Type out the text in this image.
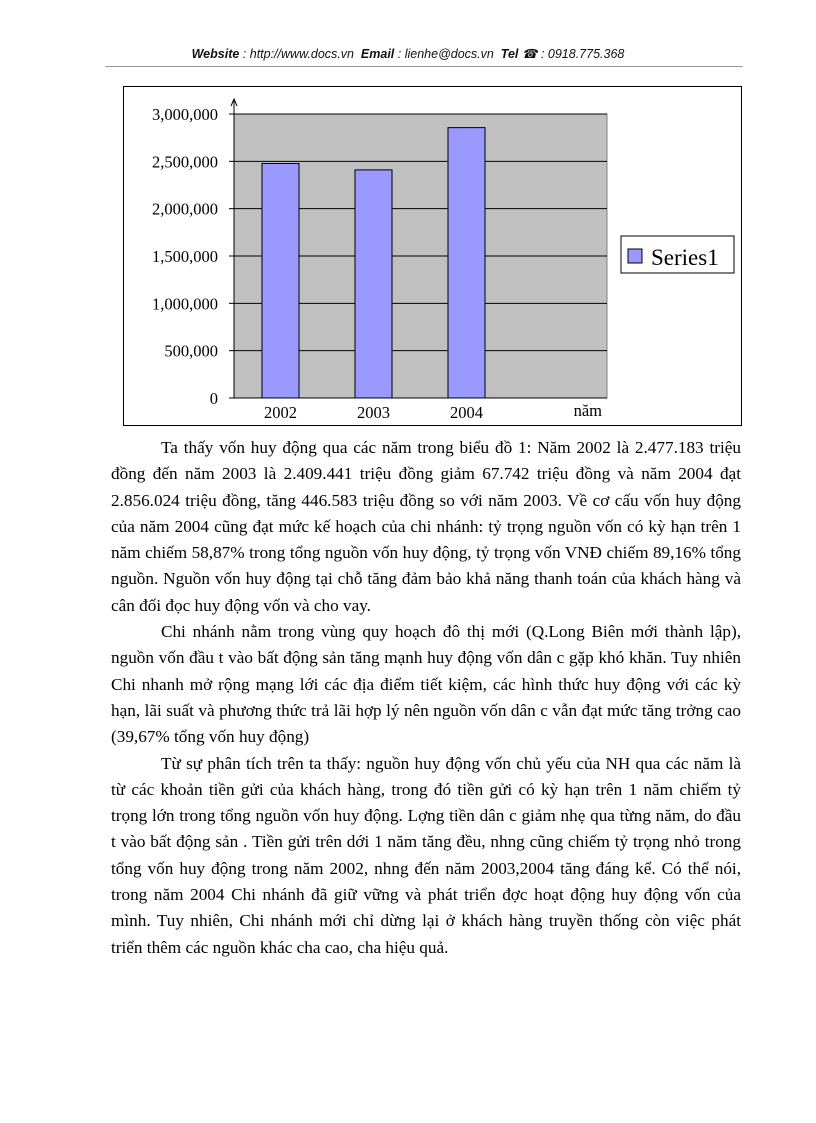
Website : http://www.docs.vn Email : lienhe@docs.vn Tel ☎ : 0918.775.368
0
500,000
1,000,000
1,500,000
2,000,000
2,500,000
3,000,000
2002	2003	2004	năm
Series1

Ta thấy vốn huy động qua các năm trong biểu đồ 1: Năm 2002 là 2.477.183 triệu đồng đến năm 2003 là 2.409.441 triệu đồng giảm 67.742 triệu đồng và năm 2004 đạt 2.856.024 triệu đồng, tăng 446.583 triệu đồng so với năm 2003. Về cơ cấu vốn huy động của năm 2004 cũng đạt mức kế hoạch của chi nhánh: tỷ trọng nguồn vốn có kỳ hạn trên 1 năm chiếm 58,87% trong tổng nguồn vốn huy động, tỷ trọng vốn VNĐ chiếm 89,16% tổng nguồn. Nguồn vốn huy động tại chỗ tăng đảm bảo khả năng thanh toán của khách hàng và cân đối đọc huy động vốn và cho vay.

Chi nhánh nằm trong vùng quy hoạch đô thị mới (Q.Long Biên mới thành lập), nguồn vốn đầu t vào bất động sản tăng mạnh huy động vốn dân c gặp khó khăn. Tuy nhiên Chi nhanh mở rộng mạng lới các địa điểm tiết kiệm, các hình thức huy động với các kỳ hạn, lãi suất và phương thức trả lãi hợp lý nên nguồn vốn dân c vẫn đạt mức tăng trởng cao (39,67% tổng vốn huy động)

Từ sự phân tích trên ta thấy: nguồn huy động vốn chủ yếu của NH qua các năm là từ các khoản tiền gửi của khách hàng, trong đó tiền gửi có kỳ hạn trên 1 năm chiếm tỷ trọng lớn trong tổng nguồn vốn huy động. Lợng tiền dân c giảm nhẹ qua từng năm, do đầu t vào bất động sản . Tiền gửi trên dới 1 năm tăng đều, nhng cũng chiếm tỷ trọng nhỏ trong tổng vốn huy động trong năm 2002, nhng đến năm 2003,2004 tăng đáng kể. Có thể nói, trong năm 2004 Chi nhánh đã giữ vững và phát triển đợc hoạt động huy động vốn của mình. Tuy nhiên, Chi nhánh mới chỉ dừng lại ở khách hàng truyền thống còn việc phát triển thêm các nguồn khác cha cao, cha hiệu quả.
